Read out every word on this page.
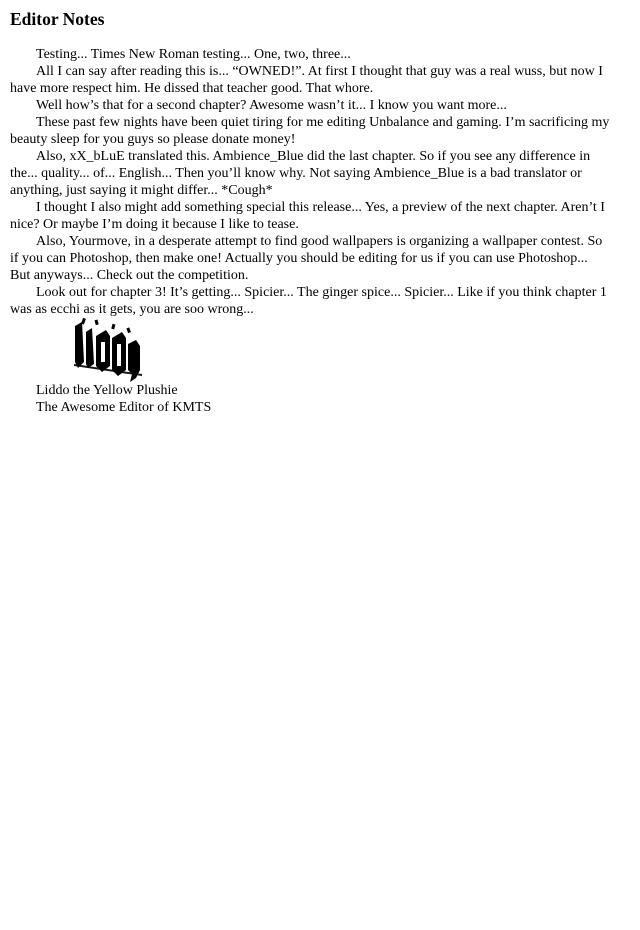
Editor Notes

Testing... Times New Roman testing... One, two, three...

All I can say after reading this is... “OWNED!”. At first I thought that guy was a real wuss, but now I have more respect him. He dissed that teacher good. That whore.

Well how’s that for a second chapter? Awesome wasn’t it... I know you want more...

These past few nights have been quiet tiring for me editing Unbalance and gaming. I’m sacrificing my beauty sleep for you guys so please donate money!

Also, xX_bLuE translated this. Ambience_Blue did the last chapter. So if you see any difference in the... quality... of... English... Then you’ll know why. Not saying Ambience_Blue is a bad translator or anything, just saying it might differ... *Cough*

I thought I also might add something special this release... Yes, a preview of the next chapter. Aren’t I nice? Or maybe I’m doing it because I like to tease.

Also, Yourmove, in a desperate attempt to find good wallpapers is organizing a wallpaper contest. So if you can Photoshop, then make one! Actually you should be editing for us if you can use Photoshop... But anyways... Check out the competition.

Look out for chapter 3! It’s getting... Spicier... The ginger spice... Spicier... Like if you think chapter 1 was as ecchi as it gets, you are soo wrong...

Liddo the Yellow Plushie

The Awesome Editor of KMTS
